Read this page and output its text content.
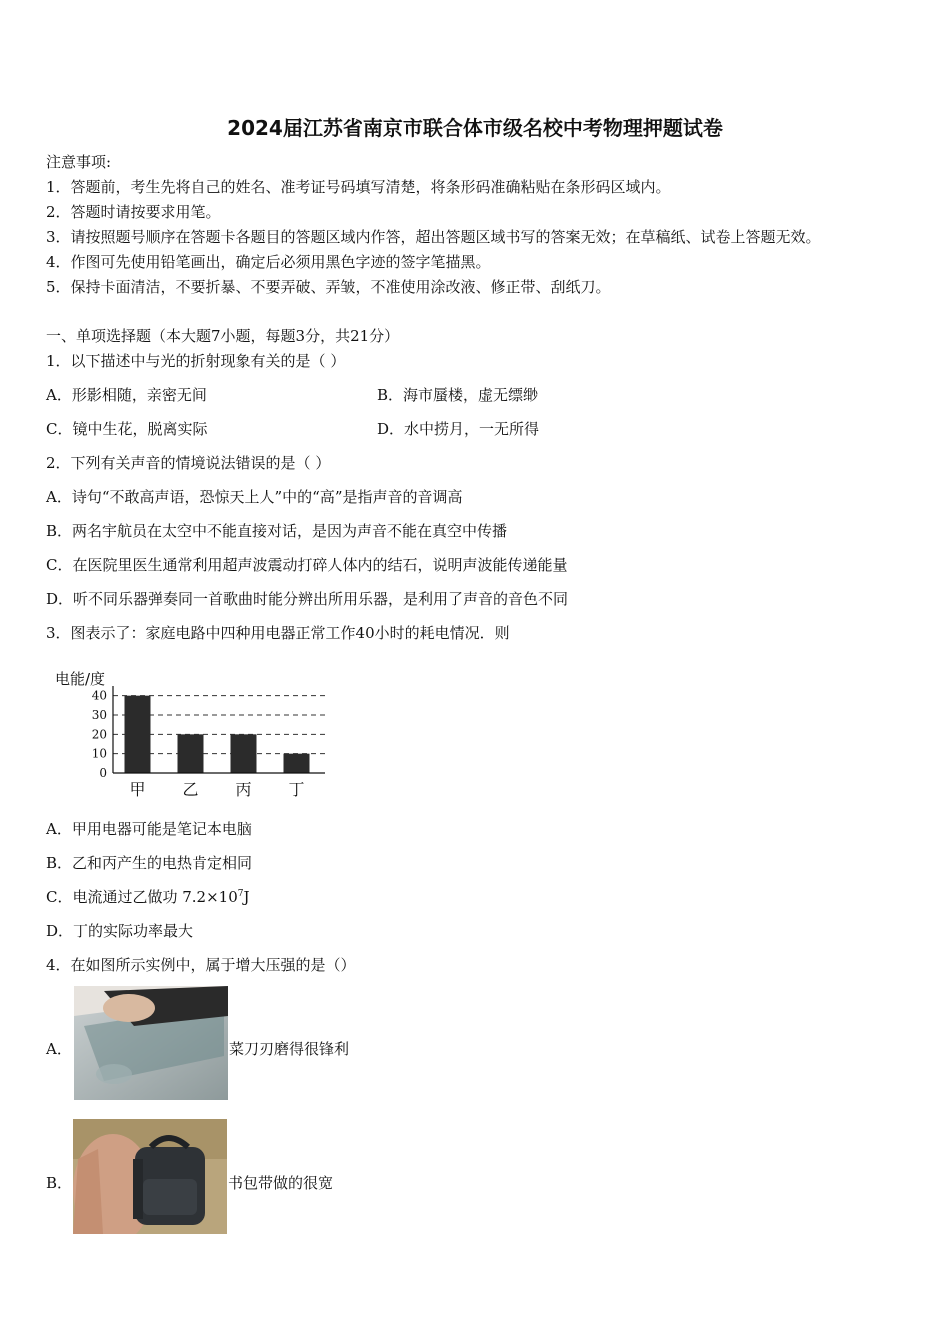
2024届江苏省南京市联合体市级名校中考物理押题试卷
注意事项:
1．答题前，考生先将自己的姓名、准考证号码填写清楚，将条形码准确粘贴在条形码区域内。
2．答题时请按要求用笔。
3．请按照题号顺序在答题卡各题目的答题区域内作答，超出答题区域书写的答案无效；在草稿纸、试卷上答题无效。
4．作图可先使用铅笔画出，确定后必须用黑色字迹的签字笔描黑。
5．保持卡面清洁，不要折暴、不要弄破、弄皱，不准使用涂改液、修正带、刮纸刀。
一、单项选择题（本大题7小题，每题3分，共21分）
1．以下描述中与光的折射现象有关的是（ ）
A．形影相随，亲密无间	B．海市蜃楼，虚无缥缈
C．镜中生花，脱离实际	D．水中捞月，一无所得
2．下列有关声音的情境说法错误的是（ ）
A．诗句“不敢高声语，恐惊天上人”中的“高”是指声音的音调高
B．两名宇航员在太空中不能直接对话，是因为声音不能在真空中传播
C．在医院里医生通常利用超声波震动打碎人体内的结石，说明声波能传递能量
D．听不同乐器弹奏同一首歌曲时能分辨出所用乐器，是利用了声音的音色不同
3．图表示了：家庭电路中四种用电器正常工作40小时的耗电情况．则
电能/度
40
30
20
10
0
甲 乙 丙 丁
A．甲用电器可能是笔记本电脑
B．乙和丙产生的电热肯定相同
C．电流通过乙做功 $7.2\times 10^7J$
D．丁的实际功率最大
4．在如图所示实例中，属于增大压强的是（）
A．	菜刀刃磨得很锋利
B．	书包带做的很宽
